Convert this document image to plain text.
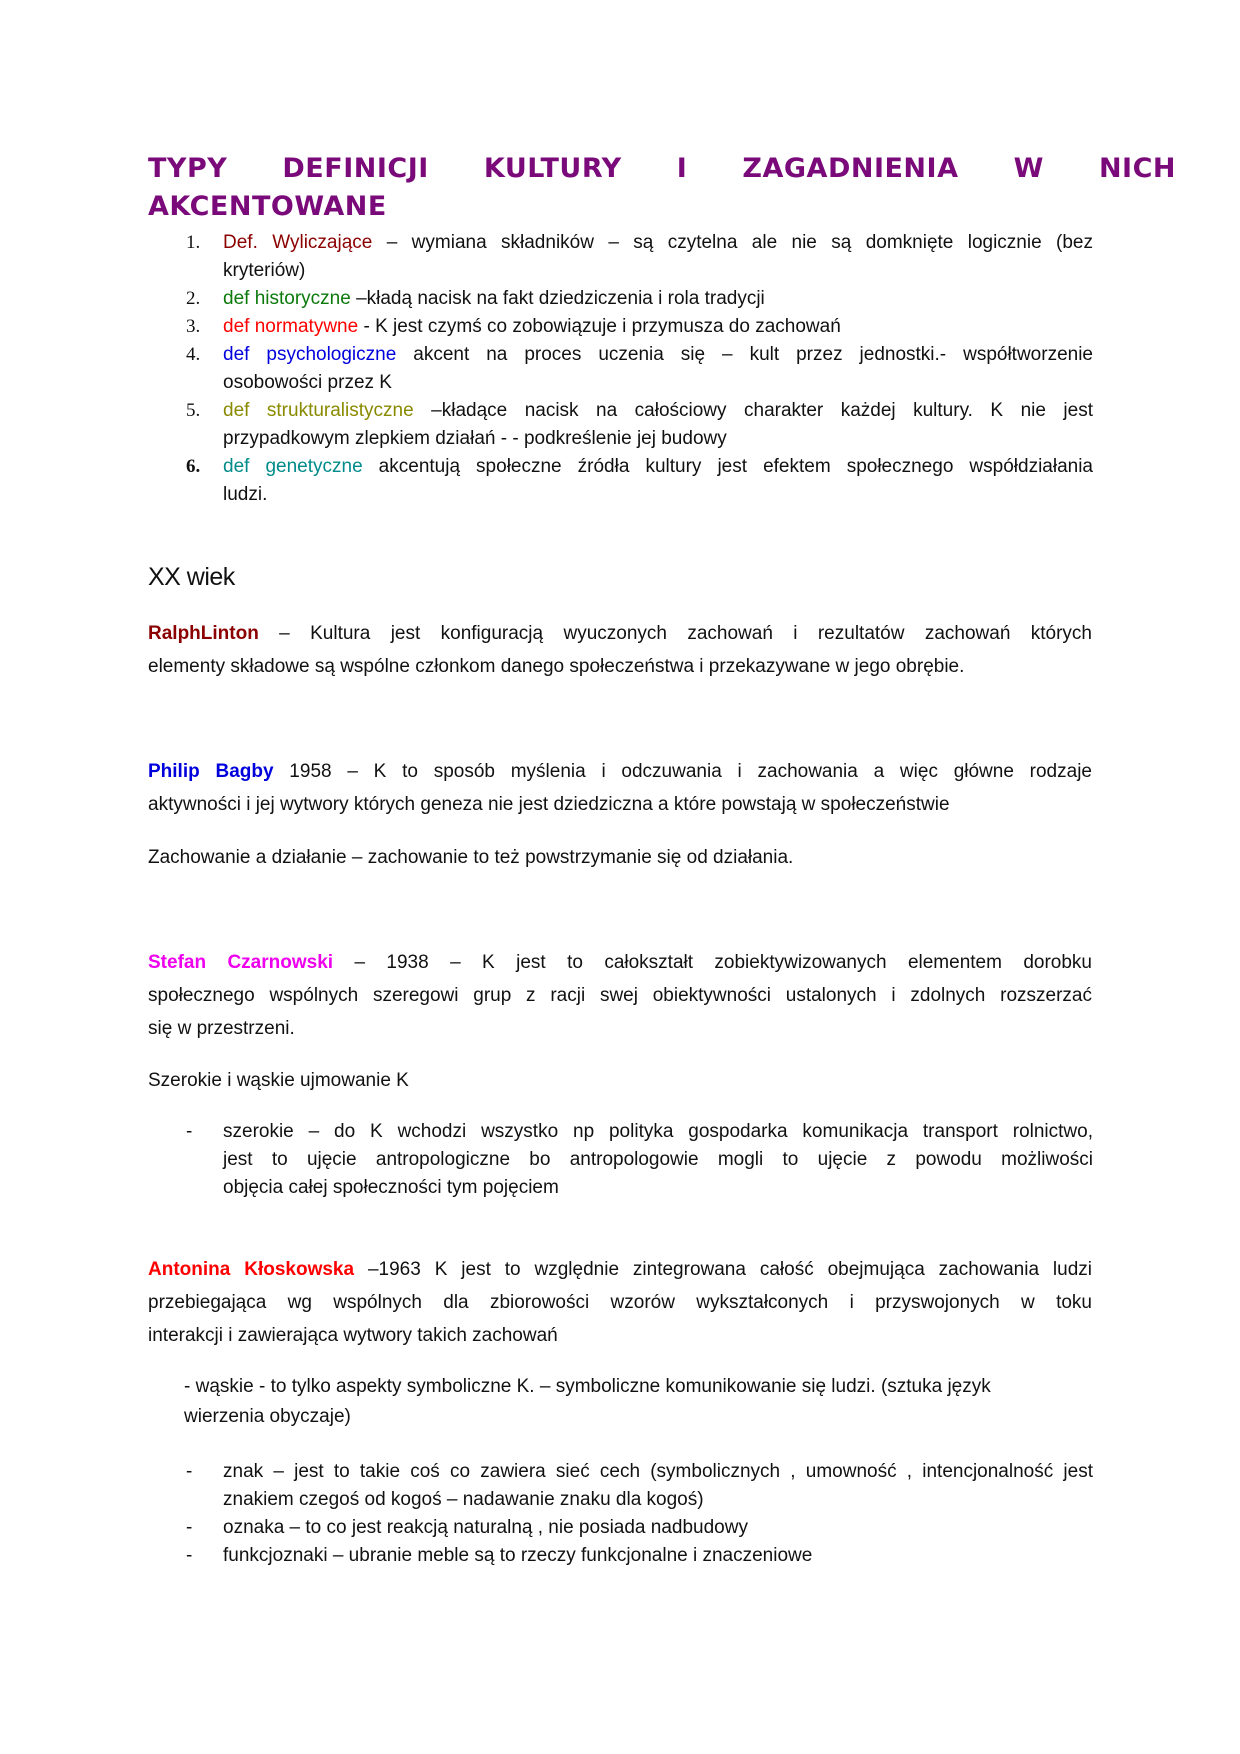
TYPY DEFINICJI KULTURY I ZAGADNIENIA W NICH
AKCENTOWANE
1. Def. Wyliczające – wymiana składników – są czytelna ale nie są domknięte logicznie (bez
kryteriów)
2. def historyczne –kładą nacisk na fakt dziedziczenia i rola tradycji
3. def normatywne - K jest czymś co zobowiązuje i przymusza do zachowań
4. def psychologiczne akcent na proces uczenia się – kult przez jednostki.- współtworzenie
osobowości przez K
5. def strukturalistyczne –kładące nacisk na całościowy charakter każdej kultury. K nie jest
przypadkowym zlepkiem działań - - podkreślenie jej budowy
6. def genetyczne akcentują społeczne źródła kultury jest efektem społecznego współdziałania
ludzi.
XX wiek
RalphLinton – Kultura jest konfiguracją wyuczonych zachowań i rezultatów zachowań których
elementy składowe są wspólne członkom danego społeczeństwa i przekazywane w jego obrębie.
Philip Bagby 1958 – K to sposób myślenia i odczuwania i zachowania a więc główne rodzaje
aktywności i jej wytwory których geneza nie jest dziedziczna a które powstają w społeczeństwie
Zachowanie a działanie – zachowanie to też powstrzymanie się od działania.
Stefan Czarnowski – 1938 – K jest to całokształt zobiektywizowanych elementem dorobku
społecznego wspólnych szeregowi grup z racji swej obiektywności ustalonych i zdolnych rozszerzać
się w przestrzeni.
Szerokie i wąskie ujmowanie K
- szerokie – do K wchodzi wszystko np polityka gospodarka komunikacja transport rolnictwo,
jest to ujęcie antropologiczne bo antropologowie mogli to ujęcie z powodu możliwości
objęcia całej społeczności tym pojęciem
Antonina Kłoskowska –1963 K jest to względnie zintegrowana całość obejmująca zachowania ludzi
przebiegająca wg wspólnych dla zbiorowości wzorów wykształconych i przyswojonych w toku
interakcji i zawierająca wytwory takich zachowań
- wąskie - to tylko aspekty symboliczne K. – symboliczne komunikowanie się ludzi. (sztuka język
wierzenia obyczaje)
- znak – jest to takie coś co zawiera sieć cech (symbolicznych , umowność , intencjonalność jest
znakiem czegoś od kogoś – nadawanie znaku dla kogoś)
- oznaka – to co jest reakcją naturalną , nie posiada nadbudowy
- funkcjoznaki – ubranie meble są to rzeczy funkcjonalne i znaczeniowe
